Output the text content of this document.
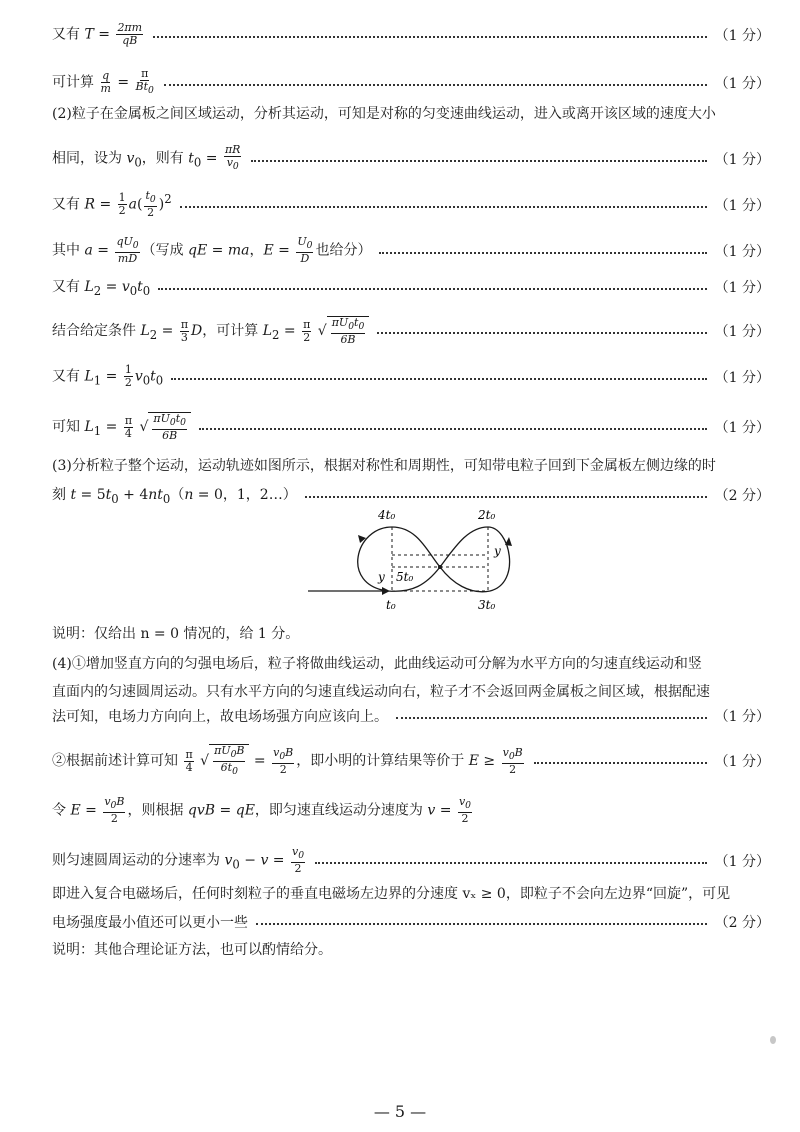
又有 $T = \frac{2\pi m}{qB}$	（1 分）
可计算 $\frac{q}{m} = \frac{\pi}{Bt_0}$	（1 分）
(2)粒子在金属板之间区域运动，分析其运动，可知是对称的匀变速曲线运动，进入或离开该区域的速度大小
相同，设为 $v_0$，则有 $t_0 = \frac{\pi R}{v_0}$	（1 分）
又有 $R = \frac{1}{2} a( \frac{t_0}{2} )^2$	（1 分）
其中 $a = \frac{qU_0}{mD}$ （写成 qE = ma，$E = \frac{U_0}{D}$ 也给分）	（1 分）
又有 $L_2 = v_0t_0$	（1 分）
结合给定条件 $L_2 = \frac{\pi}{3}$ D，可计算 $L_2 = \frac{\pi}{2}$ √ $\frac{\pi U_0t_0}{6B}$	（1 分）
又有 $L_1 = \frac{1}{2} v_0t_0$	（1 分）
可知 $L_1 = \frac{\pi}{4}$ √ $\frac{\pi U_0t_0}{6B}$	（1 分）
(3)分析粒子整个运动，运动轨迹如图所示，根据对称性和周期性，可知带电粒子回到下金属板左侧边缘的时
刻 $t = 5t_0 + 4nt_0(n = 0$，1，2…）	（2 分）
4t₀	2t₀
y
y 5t₀
t₀	3t₀
说明：仅给出 n = 0 情况的，给 1 分。
(4)①增加竖直方向的匀强电场后，粒子将做曲线运动，此曲线运动可分解为水平方向的匀速直线运动和竖
直面内的匀速圆周运动。只有水平方向的匀速直线运动向右，粒子才不会返回两金属板之间区域，根据配速
法可知，电场力方向向上，故电场场强方向应该向上。	（1 分）
②根据前述计算可知 $\frac{\pi}{4}$ √ $\frac{\pi U_0B}{6t_0} = \frac{v_0B}{2}$ ，即小明的计算结果等价于 $E \ge \frac{v_0B}{2}$	（1 分）
令 $E = \frac{v_0B}{2}$ ，则根据 qvB = qE，即匀速直线运动分速度为 $v = \frac{v_0}{2}$
则匀速圆周运动的分速率为 $v_0 - v = \frac{v_0}{2}$	（1 分）
即进入复合电磁场后，任何时刻粒子的垂直电磁场左边界的分速度 vₓ ≥ 0，即粒子不会向左边界“回旋”，可见
电场强度最小值还可以更小一些	（2 分）
说明：其他合理论证方法，也可以酌情给分。
— 5 —
